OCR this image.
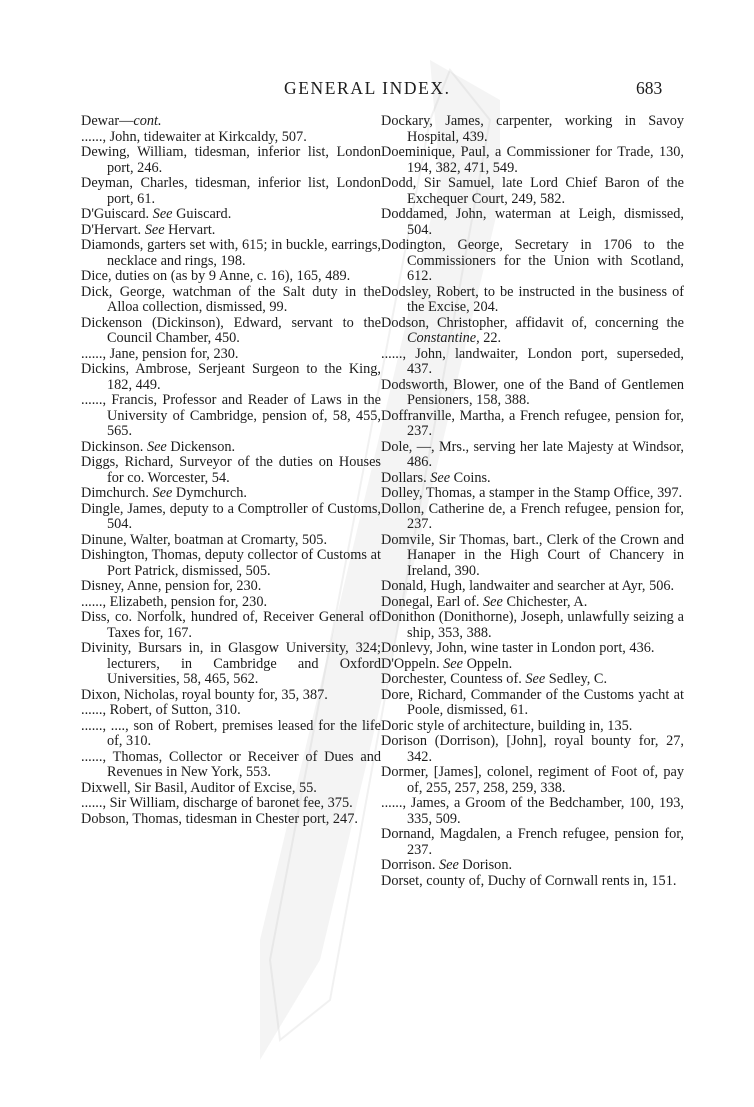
GENERAL INDEX.	683

Dewar—cont.

......, John, tidewaiter at Kirkcaldy, 507.

Dewing, William, tidesman, inferior list, London port, 246.

Deyman, Charles, tidesman, inferior list, London port, 61.

D'Guiscard. See Guiscard.

D'Hervart. See Hervart.

Diamonds, garters set with, 615; in buckle, earrings, necklace and rings, 198.

Dice, duties on (as by 9 Anne, c. 16), 165, 489.

Dick, George, watchman of the Salt duty in the Alloa collection, dismissed, 99.

Dickenson (Dickinson), Edward, servant to the Council Chamber, 450.

......, Jane, pension for, 230.

Dickins, Ambrose, Serjeant Surgeon to the King, 182, 449.

......, Francis, Professor and Reader of Laws in the University of Cambridge, pension of, 58, 455, 565.

Dickinson. See Dickenson.

Diggs, Richard, Surveyor of the duties on Houses for co. Worcester, 54.

Dimchurch. See Dymchurch.

Dingle, James, deputy to a Comptroller of Customs, 504.

Dinune, Walter, boatman at Cromarty, 505.

Dishington, Thomas, deputy collector of Customs at Port Patrick, dismissed, 505.

Disney, Anne, pension for, 230.

......, Elizabeth, pension for, 230.

Diss, co. Norfolk, hundred of, Receiver General of Taxes for, 167.

Divinity, Bursars in, in Glasgow University, 324; lecturers, in Cambridge and Oxford Universities, 58, 465, 562.

Dixon, Nicholas, royal bounty for, 35, 387.

......, Robert, of Sutton, 310.

......, ...., son of Robert, premises leased for the life of, 310.

......, Thomas, Collector or Receiver of Dues and Revenues in New York, 553.

Dixwell, Sir Basil, Auditor of Excise, 55.

......, Sir William, discharge of baronet fee, 375.

Dobson, Thomas, tidesman in Chester port, 247.

Dockary, James, carpenter, working in Savoy Hospital, 439.

Doeminique, Paul, a Commissioner for Trade, 130, 194, 382, 471, 549.

Dodd, Sir Samuel, late Lord Chief Baron of the Exchequer Court, 249, 582.

Doddamed, John, waterman at Leigh, dismissed, 504.

Dodington, George, Secretary in 1706 to the Commissioners for the Union with Scotland, 612.

Dodsley, Robert, to be instructed in the business of the Excise, 204.

Dodson, Christopher, affidavit of, concerning the Constantine, 22.

......, John, landwaiter, London port, superseded, 437.

Dodsworth, Blower, one of the Band of Gentlemen Pensioners, 158, 388.

Doffranville, Martha, a French refugee, pension for, 237.

Dole, —, Mrs., serving her late Majesty at Windsor, 486.

Dollars. See Coins.

Dolley, Thomas, a stamper in the Stamp Office, 397.

Dollon, Catherine de, a French refugee, pension for, 237.

Domvile, Sir Thomas, bart., Clerk of the Crown and Hanaper in the High Court of Chancery in Ireland, 390.

Donald, Hugh, landwaiter and searcher at Ayr, 506.

Donegal, Earl of. See Chichester, A.

Donithon (Donithorne), Joseph, unlawfully seizing a ship, 353, 388.

Donlevy, John, wine taster in London port, 436.

D'Oppeln. See Oppeln.

Dorchester, Countess of. See Sedley, C.

Dore, Richard, Commander of the Customs yacht at Poole, dismissed, 61.

Doric style of architecture, building in, 135.

Dorison (Dorrison), [John], royal bounty for, 27, 342.

Dormer, [James], colonel, regiment of Foot of, pay of, 255, 257, 258, 259, 338.

......, James, a Groom of the Bedchamber, 100, 193, 335, 509.

Dornand, Magdalen, a French refugee, pension for, 237.

Dorrison. See Dorison.

Dorset, county of, Duchy of Cornwall rents in, 151.
